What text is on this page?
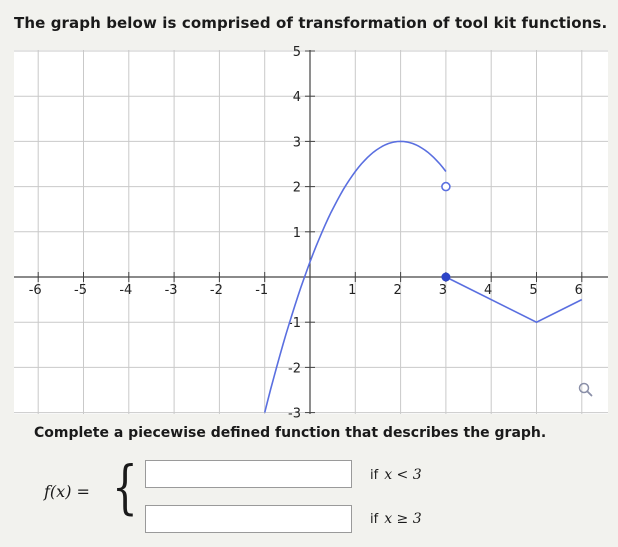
The graph below is comprised of transformation of tool kit functions.
-6 -5 -4 -3 -2 -1	1	2	3	4	5	6
5
4
3
2
1
-1
-2
-3
Complete a piecewise defined function that describes the graph.
f(x) = {	if x < 3
if x ≥ 3
